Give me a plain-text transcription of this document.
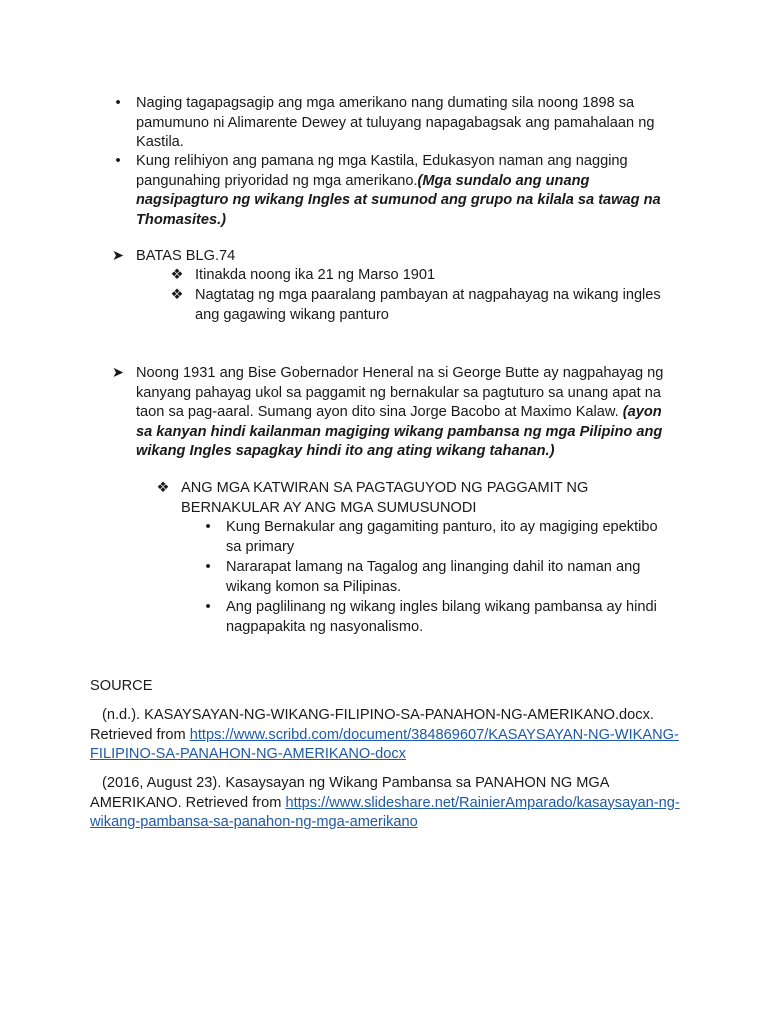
•	Naging tagapagsagip ang mga amerikano nang dumating sila noong 1898 sa pamumuno ni Alimarente Dewey at tuluyang napagabagsak ang pamahalaan ng Kastila.
•	Kung relihiyon ang pamana ng mga Kastila, Edukasyon naman ang nagging pangunahing priyoridad ng mga amerikano.(Mga sundalo ang unang nagsipagturo ng wikang Ingles at sumunod ang grupo na kilala sa tawag na Thomasites.)
➤ BATAS BLG.74
❖ Itinakda noong ika 21 ng Marso 1901
❖ Nagtatag ng mga paaralang pambayan at nagpahayag na wikang ingles ang gagawing wikang panturo
➤ Noong 1931 ang Bise Gobernador Heneral na si George Butte ay nagpahayag ng kanyang pahayag ukol sa paggamit ng bernakular sa pagtuturo sa unang apat na taon sa pag-aaral. Sumang ayon dito sina Jorge Bacobo at Maximo Kalaw. (ayon sa kanyan hindi kailanman magiging wikang pambansa ng mga Pilipino ang wikang Ingles sapagkay hindi ito ang ating wikang tahanan.)
❖ ANG MGA KATWIRAN SA PAGTAGUYOD NG PAGGAMIT NG BERNAKULAR AY ANG MGA SUMUSUNODI
•	Kung Bernakular ang gagamiting panturo, ito ay magiging epektibo sa primary
•	Nararapat lamang na Tagalog ang linanging dahil ito naman ang wikang komon sa Pilipinas.
•	Ang paglilinang ng wikang ingles bilang wikang pambansa ay hindi nagpapakita ng nasyonalismo.
SOURCE
(n.d.). KASAYSAYAN-NG-WIKANG-FILIPINO-SA-PANAHON-NG-AMERIKANO.docx. Retrieved from https://www.scribd.com/document/384869607/KASAYSAYAN-NG-WIKANG-FILIPINO-SA-PANAHON-NG-AMERIKANO-docx
(2016, August 23). Kasaysayan ng Wikang Pambansa sa PANAHON NG MGA AMERIKANO. Retrieved from https://www.slideshare.net/RainierAmparado/kasaysayan-ng-wikang-pambansa-sa-panahon-ng-mga-amerikano
